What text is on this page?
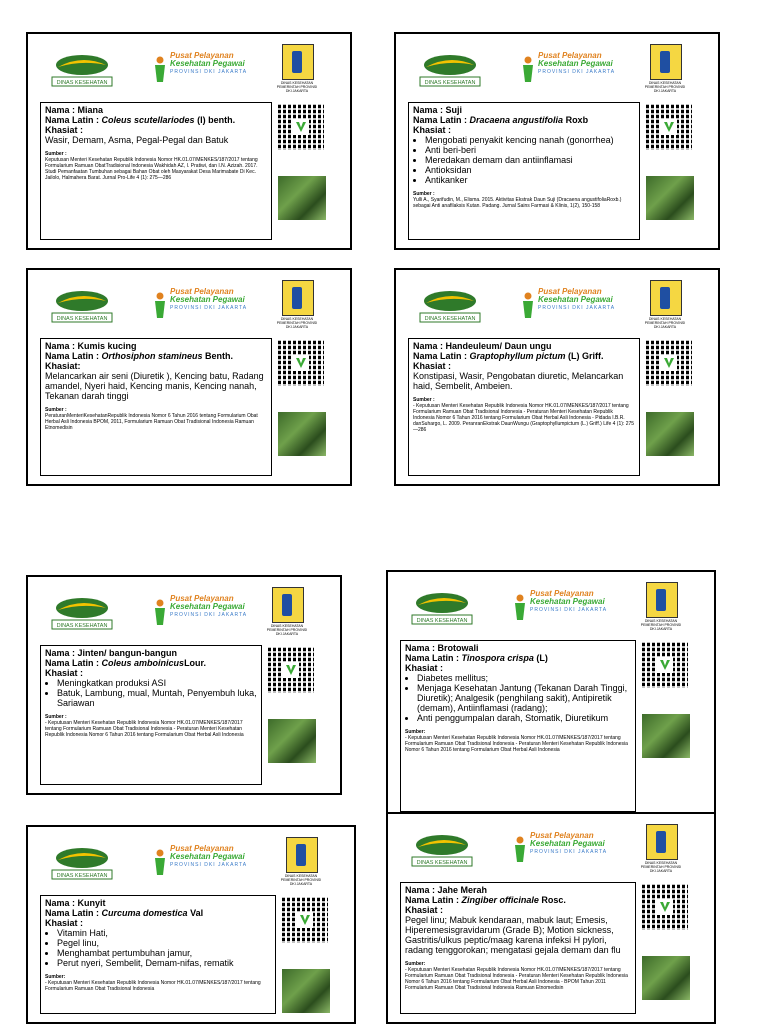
DINAS KESEHATAN
Pusat Pelayanan
Kesehatan Pegawai
PROVINSI DKI JAKARTA
DINAS KESEHATAN
PEMERINTAH PROVINSI
DKI JAKARTA
Nama : Miana
Nama Latin : Coleus scutellariodes (l) benth.
Khasiat :
Wasir, Demam, Asma, Pegal-Pegal dan Batuk
Sumber :
Keputusan Menteri Kesehatan Republik Indonesia Nomor HK.01.07/MENKES/187/2017 tentang Formularium Ramuan ObatTradisional Indonesia Wakhidah AZ, I. Pratiwi, dan I.N. Azizah. 2017. Studi Pemanfaatan Tumbuhan sebagai Bahan Obat oleh Masyarakat Desa Marimabate Di Kec. Jailolo, Halmahera Barat. Jurnal Pro-Life 4 (1): 275—286
DINAS KESEHATAN
Pusat Pelayanan
Kesehatan Pegawai
PROVINSI DKI JAKARTA
DINAS KESEHATAN
PEMERINTAH PROVINSI
DKI JAKARTA
Nama : Suji
Nama Latin : Dracaena angustifolia Roxb
Khasiat :
• Mengobati penyakit kencing nanah (gonorrhea)
• Anti beri-beri
• Meredakan demam dan antiinflamasi
• Antioksidan
• Antikanker
Sumber :
Yulli A., Syarifudin, M., Elisma. 2015. Aktivitas Ekstrak Daun Suji (Dracaena angustifoliaRoxb.) sebagai Anti anafilaksis Kutan. Padang. Jurnal Sains Farmasi & Klinis, 1(2), 150-158
DINAS KESEHATAN
Pusat Pelayanan
Kesehatan Pegawai
PROVINSI DKI JAKARTA
DINAS KESEHATAN
PEMERINTAH PROVINSI
DKI JAKARTA
Nama : Kumis kucing
Nama Latin : Orthosiphon stamineus Benth.
Khasiat:
Melancarkan air seni (Diuretik ), Kencing batu, Radang amandel, Nyeri haid, Kencing manis, Kencing nanah, Tekanan darah tinggi
Sumber :
PeraturanMenteriKesehatanRepublik Indonesia Nomor 6 Tahun 2016 tentang Formularium Obat Herbal Asli Indonesia BPOM, 2011, Formularium Ramuan Obat Tradisional Indonesia Ramuan Etnomedisin
DINAS KESEHATAN
Pusat Pelayanan
Kesehatan Pegawai
PROVINSI DKI JAKARTA
DINAS KESEHATAN
PEMERINTAH PROVINSI
DKI JAKARTA
Nama : Handeuleum/ Daun ungu
Nama Latin : Graptophyllum pictum (L) Griff.
Khasiat :
Konstipasi, Wasir, Pengobatan diuretic, Melancarkan haid, Sembelit, Ambeien.
Sumber :
- Keputusan Menteri Kesehatan Republik Indonesia Nomor HK.01.07/MENKES/187/2017 tentang Formularium Ramuan Obat Tradisional Indonesia - Peraturan Menteri Kesehatan Republik Indonesia Nomor 6 Tahun 2016 tentang Formularium Obat Herbal Asli Indonesia - Pidada I.B.R. danSuhargo, L. 2009. PeranranEkstrak DaunWungu (Graptophyllumpictum (L.) Griff.) Life 4 (1): 275—286
DINAS KESEHATAN
Pusat Pelayanan
Kesehatan Pegawai
PROVINSI DKI JAKARTA
DINAS KESEHATAN
PEMERINTAH PROVINSI
DKI JAKARTA
Nama : Jinten/ bangun-bangun
Nama Latin : Coleus amboinicusLour.
Khasiat :
• Meningkatkan produksi ASI
• Batuk, Lambung, mual, Muntah, Penyembuh luka, Sariawan
Sumber :
- Keputusan Menteri Kesehatan Republik Indonesia Nomor HK.01.07/MENKES/187/2017 tentang Formularium Ramuan Obat Tradisional Indonesia - Peraturan Menteri Kesehatan Republik Indonesia Nomor 6 Tahun 2016 tentang Formularium Obat Herbal Asli Indonesia
DINAS KESEHATAN
Pusat Pelayanan
Kesehatan Pegawai
PROVINSI DKI JAKARTA
DINAS KESEHATAN
PEMERINTAH PROVINSI
DKI JAKARTA
Nama : Brotowali
Nama Latin : Tinospora crispa (L)
Khasiat :
• Diabetes mellitus;
• Menjaga Kesehatan Jantung (Tekanan Darah Tinggi, Diuretik); Analgesik (penghilang sakit), Antipiretik (demam), Antiinflamasi (radang);
• Anti penggumpalan darah, Stomatik, Diuretikum
Sumber:
- Keputusan Menteri Kesehatan Republik Indonesia Nomor HK.01.07/MENKES/187/2017 tentang Formularium Ramuan Obat Tradisional Indonesia - Peraturan Menteri Kesehatan Republik Indonesia Nomor 6 Tahun 2016 tentang Formularium Obat Herbal Asli Indonesia
DINAS KESEHATAN
Pusat Pelayanan
Kesehatan Pegawai
PROVINSI DKI JAKARTA
DINAS KESEHATAN
PEMERINTAH PROVINSI
DKI JAKARTA
Nama : Kunyit
Nama Latin : Curcuma domestica Val
Khasiat :
• Vitamin Hati,
• Pegel linu,
• Menghambat pertumbuhan jamur,
• Perut nyeri, Sembelit, Demam-nifas, rematik
Sumber:
- Keputusan Menteri Kesehatan Republik Indonesia Nomor HK.01.07/MENKES/187/2017 tentang Formularium Ramuan Obat Tradisional Indonesia
DINAS KESEHATAN
Pusat Pelayanan
Kesehatan Pegawai
PROVINSI DKI JAKARTA
DINAS KESEHATAN
PEMERINTAH PROVINSI
DKI JAKARTA
Nama : Jahe Merah
Nama Latin : Zingiber officinale Rosc.
Khasiat :
Pegel linu; Mabuk kendaraan, mabuk laut; Emesis, Hiperemesisgravidarum (Grade B); Motion sickness, Gastritis/ulkus peptic/maag karena infeksi H pylori, radang tenggorokan; mengatasi gejala demam dan flu
Sumber:
- Keputusan Menteri Kesehatan Republik Indonesia Nomor HK.01.07/MENKES/187/2017 tentang Formularium Ramuan Obat Tradisional Indonesia - Peraturan Menteri Kesehatan Republik Indonesia Nomor 6 Tahun 2016 tentang Formularium Obat Herbal Asli Indonesia - BPOM Tahun 2011 Formularium Ramuan Obat Tradisional Indonesia Ramuan Etnomedisin
